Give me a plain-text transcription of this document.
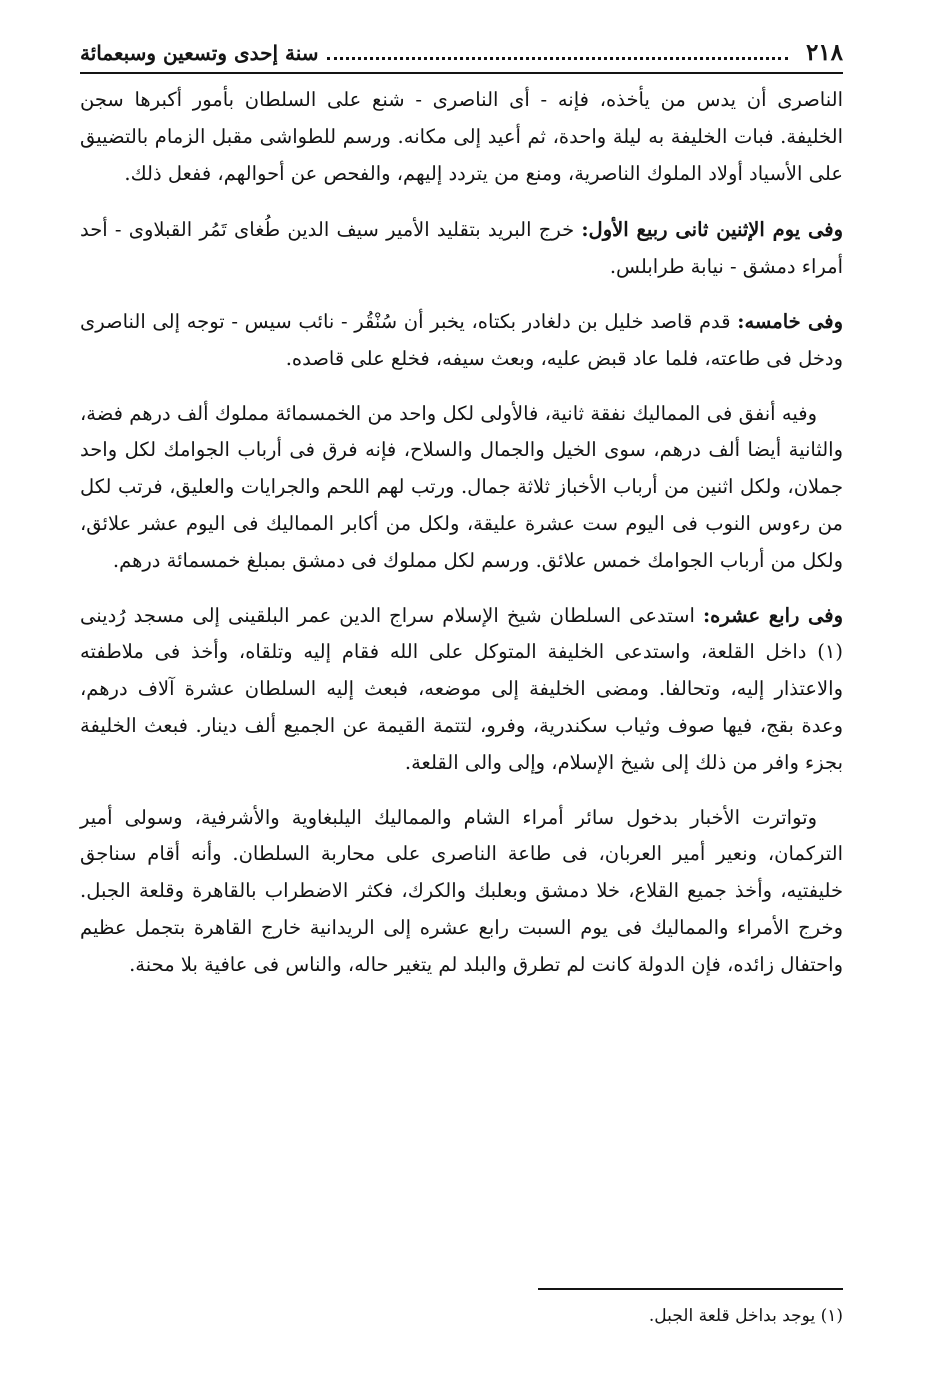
٢١٨
سنة إحدى وتسعين وسبعمائة

الناصرى أن يدس من يأخذه، فإنه - أى الناصرى - شنع على السلطان بأمور أكبرها سجن الخليفة. فبات الخليفة به ليلة واحدة، ثم أعيد إلى مكانه. ورسم للطواشى مقبل الزمام بالتضييق على الأسياد أولاد الملوك الناصرية، ومنع من يتردد إليهم، والفحص عن أحوالهم، ففعل ذلك.

وفى يوم الإثنين ثانى ربيع الأول: خرج البريد بتقليد الأمير سيف الدين طُغاى تَمُر القبلاوى - أحد أمراء دمشق - نيابة طرابلس.

وفى خامسه: قدم قاصد خليل بن دلغادر بكتاه، يخبر أن سُنْقُر - نائب سيس - توجه إلى الناصرى ودخل فى طاعته، فلما عاد قبض عليه، وبعث سيفه، فخلع على قاصده.

وفيه أنفق فى المماليك نفقة ثانية، فالأولى لكل واحد من الخمسمائة مملوك ألف درهم فضة، والثانية أيضا ألف درهم، سوى الخيل والجمال والسلاح، فإنه فرق فى أرباب الجوامك لكل واحد جملان، ولكل اثنين من أرباب الأخباز ثلاثة جمال. ورتب لهم اللحم والجرايات والعليق، فرتب لكل من رءوس النوب فى اليوم ست عشرة عليقة، ولكل من أكابر المماليك فى اليوم عشر علائق، ولكل من أرباب الجوامك خمس علائق. ورسم لكل مملوك فى دمشق بمبلغ خمسمائة درهم.

وفى رابع عشره: استدعى السلطان شيخ الإسلام سراج الدين عمر البلقينى إلى مسجد رُدينى (١) داخل القلعة، واستدعى الخليفة المتوكل على الله فقام إليه وتلقاه، وأخذ فى ملاطفته والاعتذار إليه، وتحالفا. ومضى الخليفة إلى موضعه، فبعث إليه السلطان عشرة آلاف درهم، وعدة بقج، فيها صوف وثياب سكندرية، وفرو، لتتمة القيمة عن الجميع ألف دينار. فبعث الخليفة بجزء وافر من ذلك إلى شيخ الإسلام، وإلى والى القلعة.

وتواترت الأخبار بدخول سائر أمراء الشام والمماليك اليلبغاوية والأشرفية، وسولى أمير التركمان، ونعير أمير العربان، فى طاعة الناصرى على محاربة السلطان. وأنه أقام سناجق خليفتيه، وأخذ جميع القلاع، خلا دمشق وبعلبك والكرك، فكثر الاضطراب بالقاهرة وقلعة الجبل. وخرج الأمراء والمماليك فى يوم السبت رابع عشره إلى الريدانية خارج القاهرة بتجمل عظيم واحتفال زائده، فإن الدولة كانت لم تطرق والبلد لم يتغير حاله، والناس فى عافية بلا محنة.

(١) يوجد بداخل قلعة الجبل.
